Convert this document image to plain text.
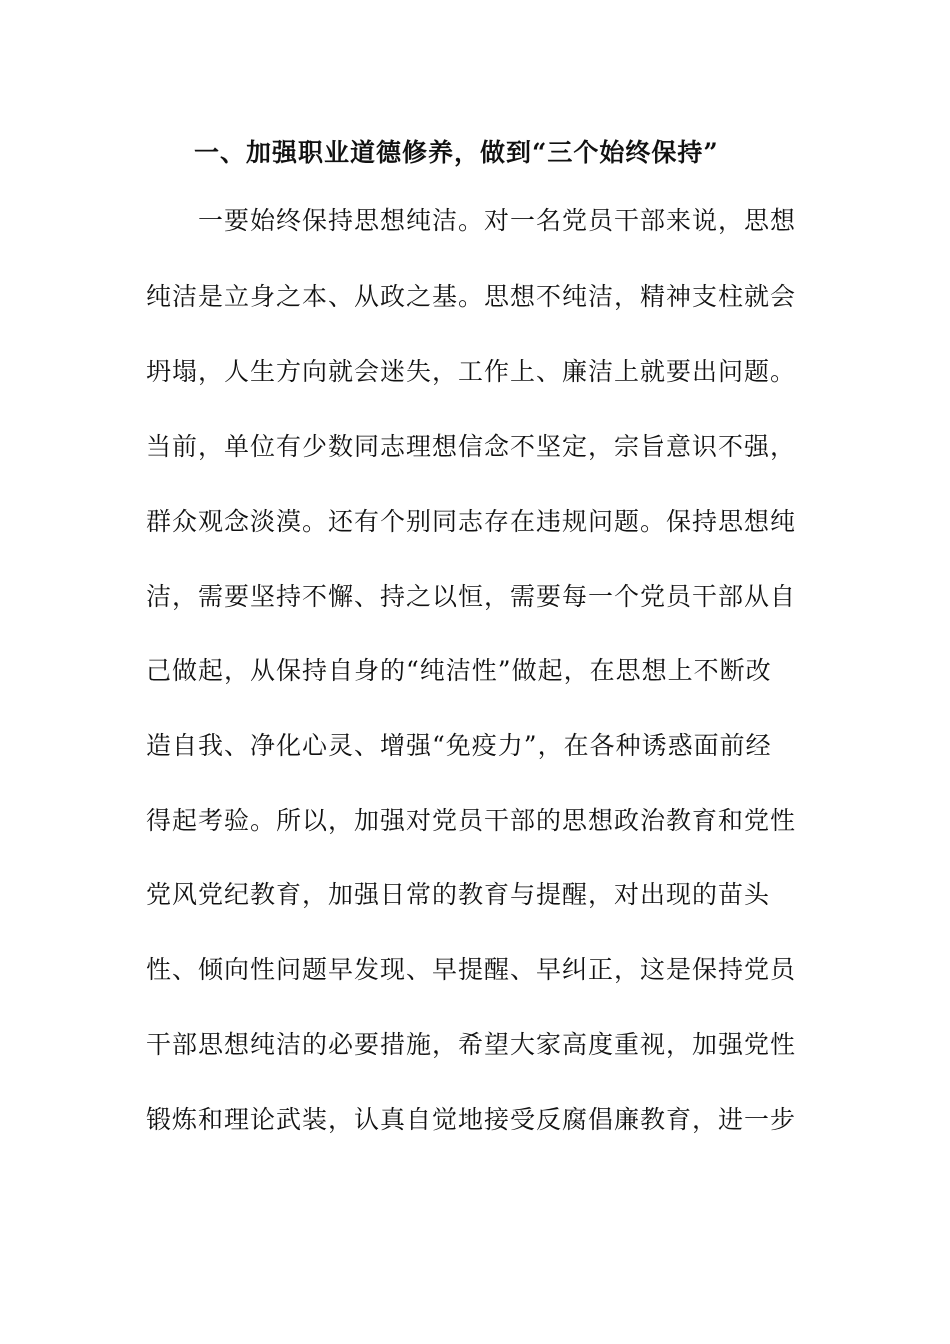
一、加强职业道德修养，做到“三个始终保持”
一要始终保持思想纯洁。对一名党员干部来说，思想
纯洁是立身之本、从政之基。思想不纯洁，精神支柱就会
坍塌，人生方向就会迷失，工作上、廉洁上就要出问题。
当前，单位有少数同志理想信念不坚定，宗旨意识不强，
群众观念淡漠。还有个别同志存在违规问题。保持思想纯
洁，需要坚持不懈、持之以恒，需要每一个党员干部从自
己做起，从保持自身的“纯洁性”做起，在思想上不断改
造自我、净化心灵、增强“免疫力”，在各种诱惑面前经
得起考验。所以，加强对党员干部的思想政治教育和党性
党风党纪教育，加强日常的教育与提醒，对出现的苗头
性、倾向性问题早发现、早提醒、早纠正，这是保持党员
干部思想纯洁的必要措施，希望大家高度重视，加强党性
锻炼和理论武装，认真自觉地接受反腐倡廉教育，进一步
